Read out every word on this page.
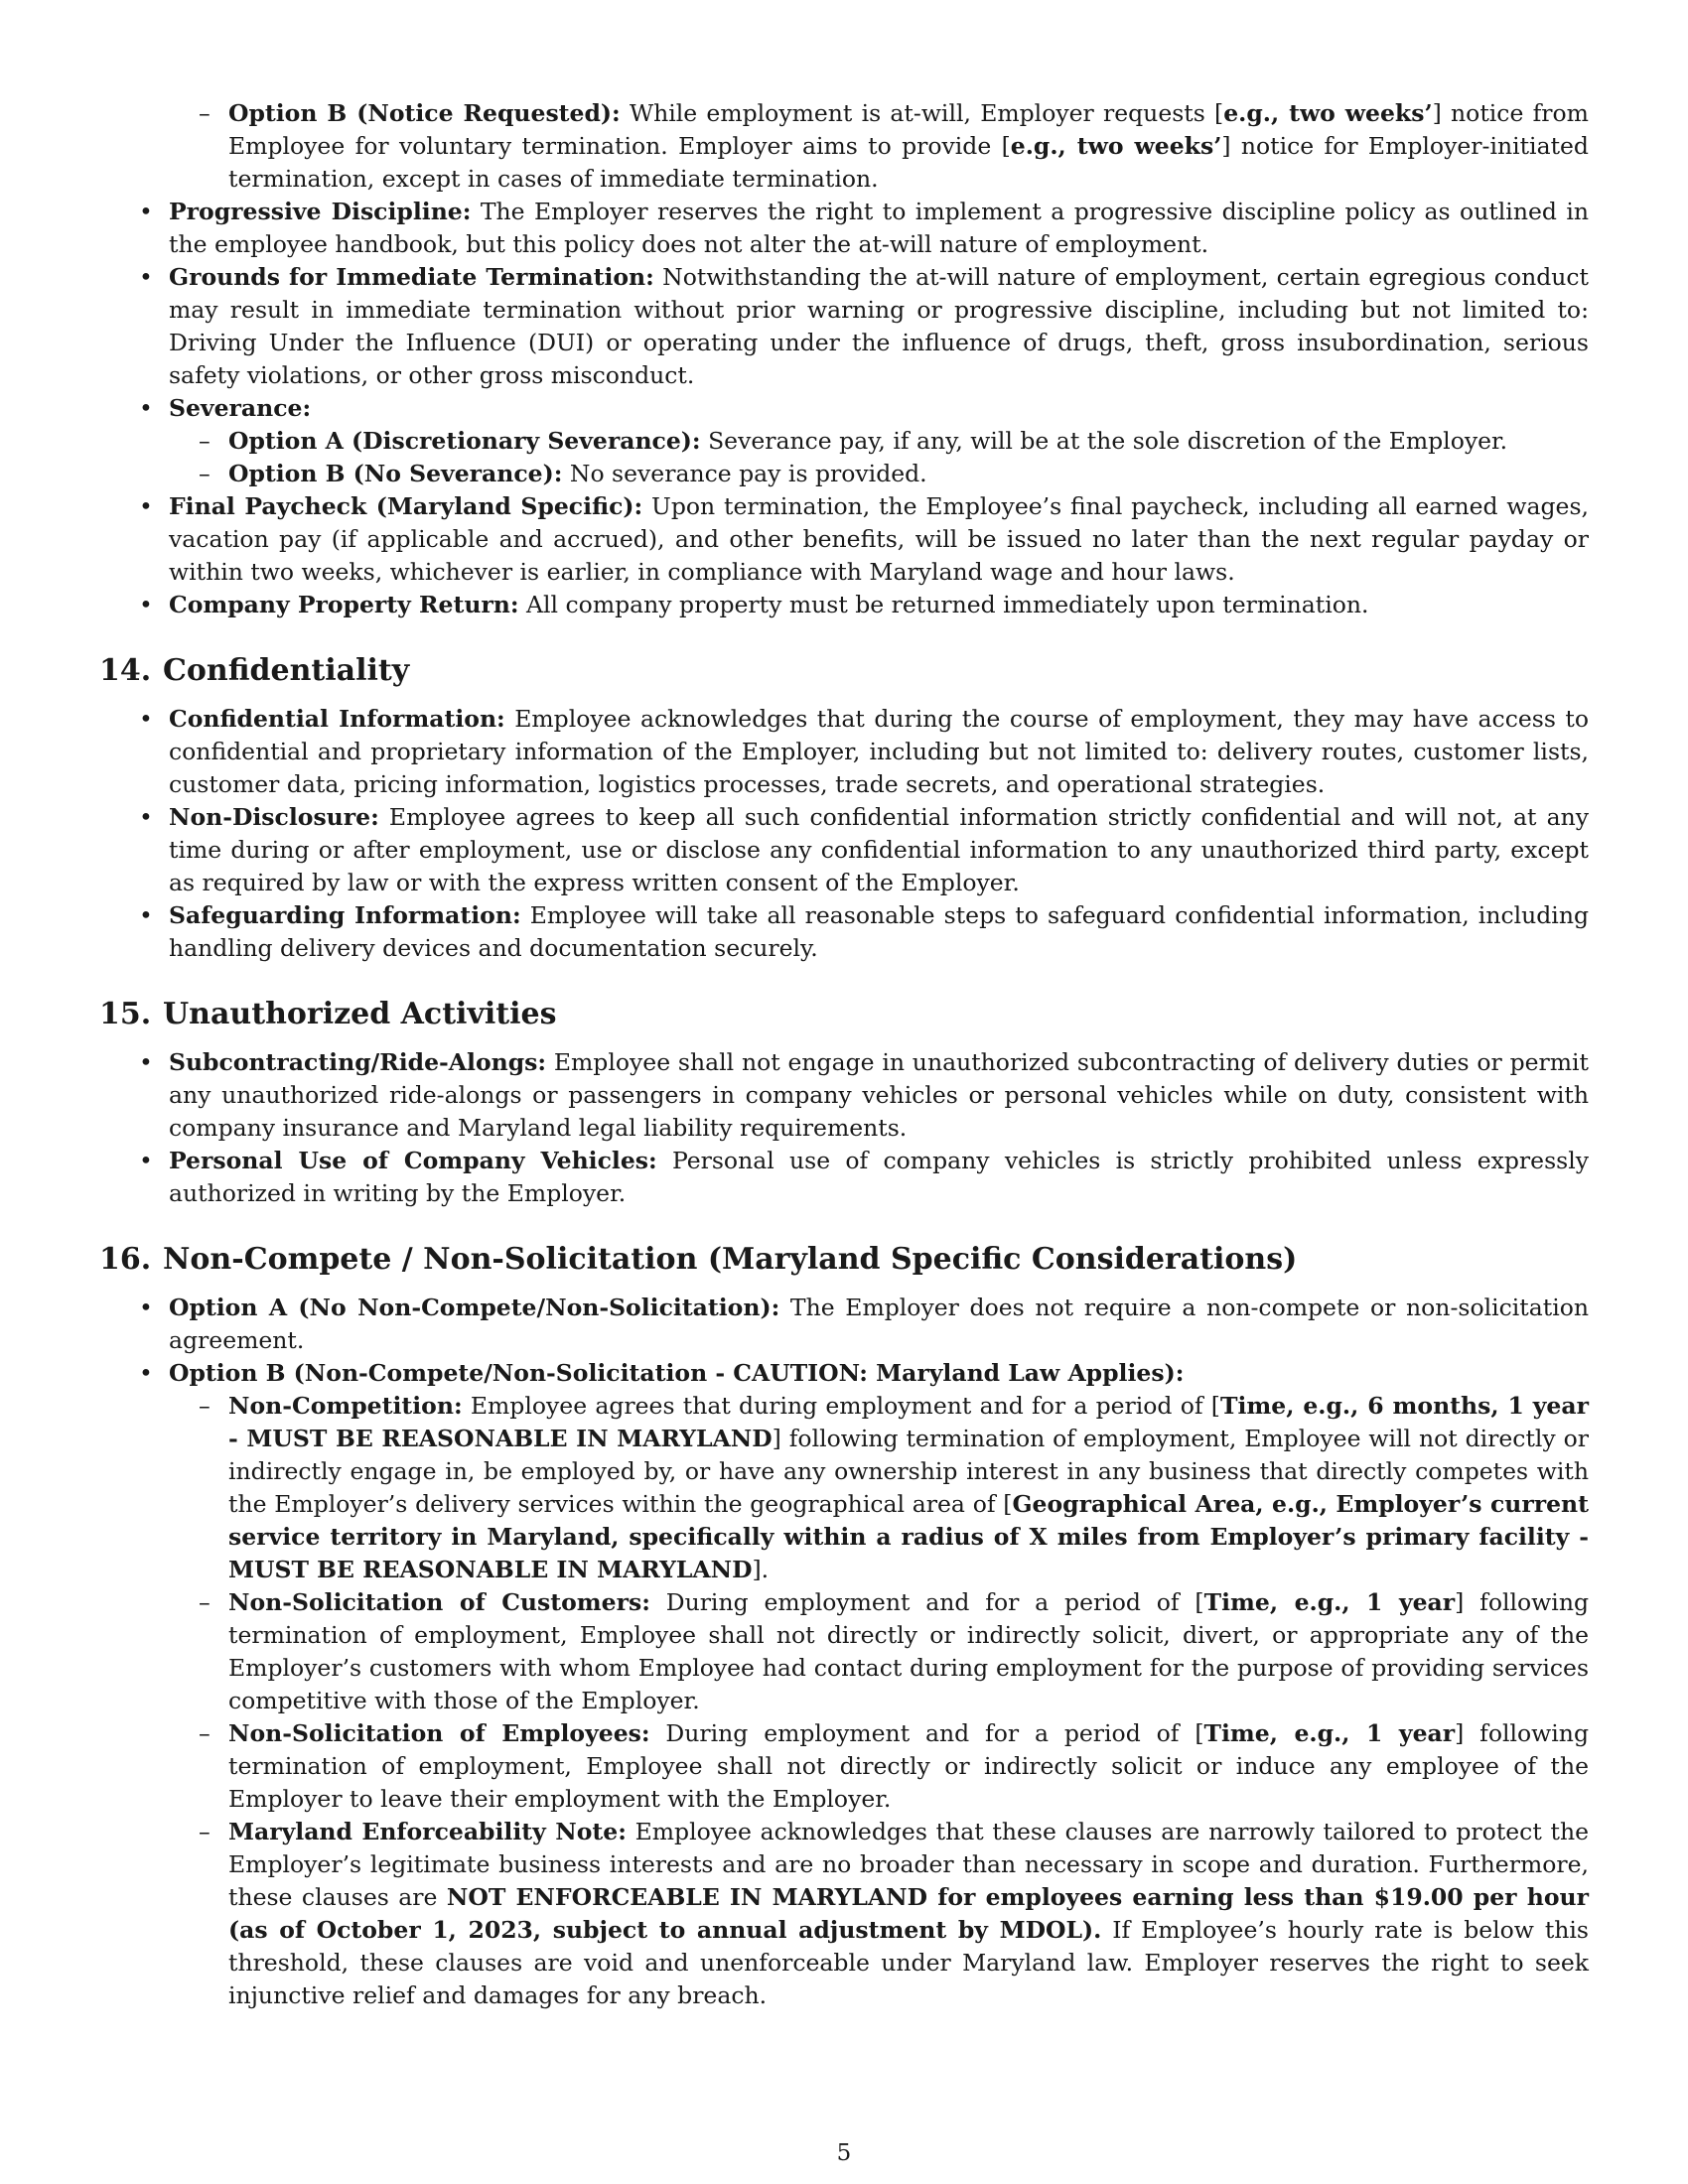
– Option B (Notice Requested): While employment is at-will, Employer requests [e.g., two weeks’] notice from Employee for voluntary termination. Employer aims to provide [e.g., two weeks’] notice for Employer-initiated termination, except in cases of immediate termination.
• Progressive Discipline: The Employer reserves the right to implement a progressive discipline policy as outlined in the employee handbook, but this policy does not alter the at-will nature of employment.
• Grounds for Immediate Termination: Notwithstanding the at-will nature of employment, certain egregious conduct may result in immediate termination without prior warning or progressive discipline, including but not limited to: Driving Under the Influence (DUI) or operating under the influence of drugs, theft, gross insubordination, serious safety violations, or other gross misconduct.
• Severance:
– Option A (Discretionary Severance): Severance pay, if any, will be at the sole discretion of the Employer.
– Option B (No Severance): No severance pay is provided.
• Final Paycheck (Maryland Specific): Upon termination, the Employee’s final paycheck, including all earned wages, vacation pay (if applicable and accrued), and other benefits, will be issued no later than the next regular payday or within two weeks, whichever is earlier, in compliance with Maryland wage and hour laws.
• Company Property Return: All company property must be returned immediately upon termination.
14. Confidentiality
• Confidential Information: Employee acknowledges that during the course of employment, they may have access to confidential and proprietary information of the Employer, including but not limited to: delivery routes, customer lists, customer data, pricing information, logistics processes, trade secrets, and operational strategies.
• Non-Disclosure: Employee agrees to keep all such confidential information strictly confidential and will not, at any time during or after employment, use or disclose any confidential information to any unauthorized third party, except as required by law or with the express written consent of the Employer.
• Safeguarding Information: Employee will take all reasonable steps to safeguard confidential information, including handling delivery devices and documentation securely.
15. Unauthorized Activities
• Subcontracting/Ride-Alongs: Employee shall not engage in unauthorized subcontracting of delivery duties or permit any unauthorized ride-alongs or passengers in company vehicles or personal vehicles while on duty, consistent with company insurance and Maryland legal liability requirements.
• Personal Use of Company Vehicles: Personal use of company vehicles is strictly prohibited unless expressly authorized in writing by the Employer.
16. Non-Compete / Non-Solicitation (Maryland Specific Considerations)
• Option A (No Non-Compete/Non-Solicitation): The Employer does not require a non-compete or non-solicitation agreement.
• Option B (Non-Compete/Non-Solicitation - CAUTION: Maryland Law Applies):
– Non-Competition: Employee agrees that during employment and for a period of [Time, e.g., 6 months, 1 year - MUST BE REASONABLE IN MARYLAND] following termination of employment, Employee will not directly or indirectly engage in, be employed by, or have any ownership interest in any business that directly competes with the Employer’s delivery services within the geographical area of [Geographical Area, e.g., Employer’s current service territory in Maryland, specifically within a radius of X miles from Employer’s primary facility - MUST BE REASONABLE IN MARYLAND].
– Non-Solicitation of Customers: During employment and for a period of [Time, e.g., 1 year] following termination of employment, Employee shall not directly or indirectly solicit, divert, or appropriate any of the Employer’s customers with whom Employee had contact during employment for the purpose of providing services competitive with those of the Employer.
– Non-Solicitation of Employees: During employment and for a period of [Time, e.g., 1 year] following termination of employment, Employee shall not directly or indirectly solicit or induce any employee of the Employer to leave their employment with the Employer.
– Maryland Enforceability Note: Employee acknowledges that these clauses are narrowly tailored to protect the Employer’s legitimate business interests and are no broader than necessary in scope and duration. Furthermore, these clauses are NOT ENFORCEABLE IN MARYLAND for employees earning less than $19.00 per hour (as of October 1, 2023, subject to annual adjustment by MDOL). If Employee’s hourly rate is below this threshold, these clauses are void and unenforceable under Maryland law. Employer reserves the right to seek injunctive relief and damages for any breach.
5
